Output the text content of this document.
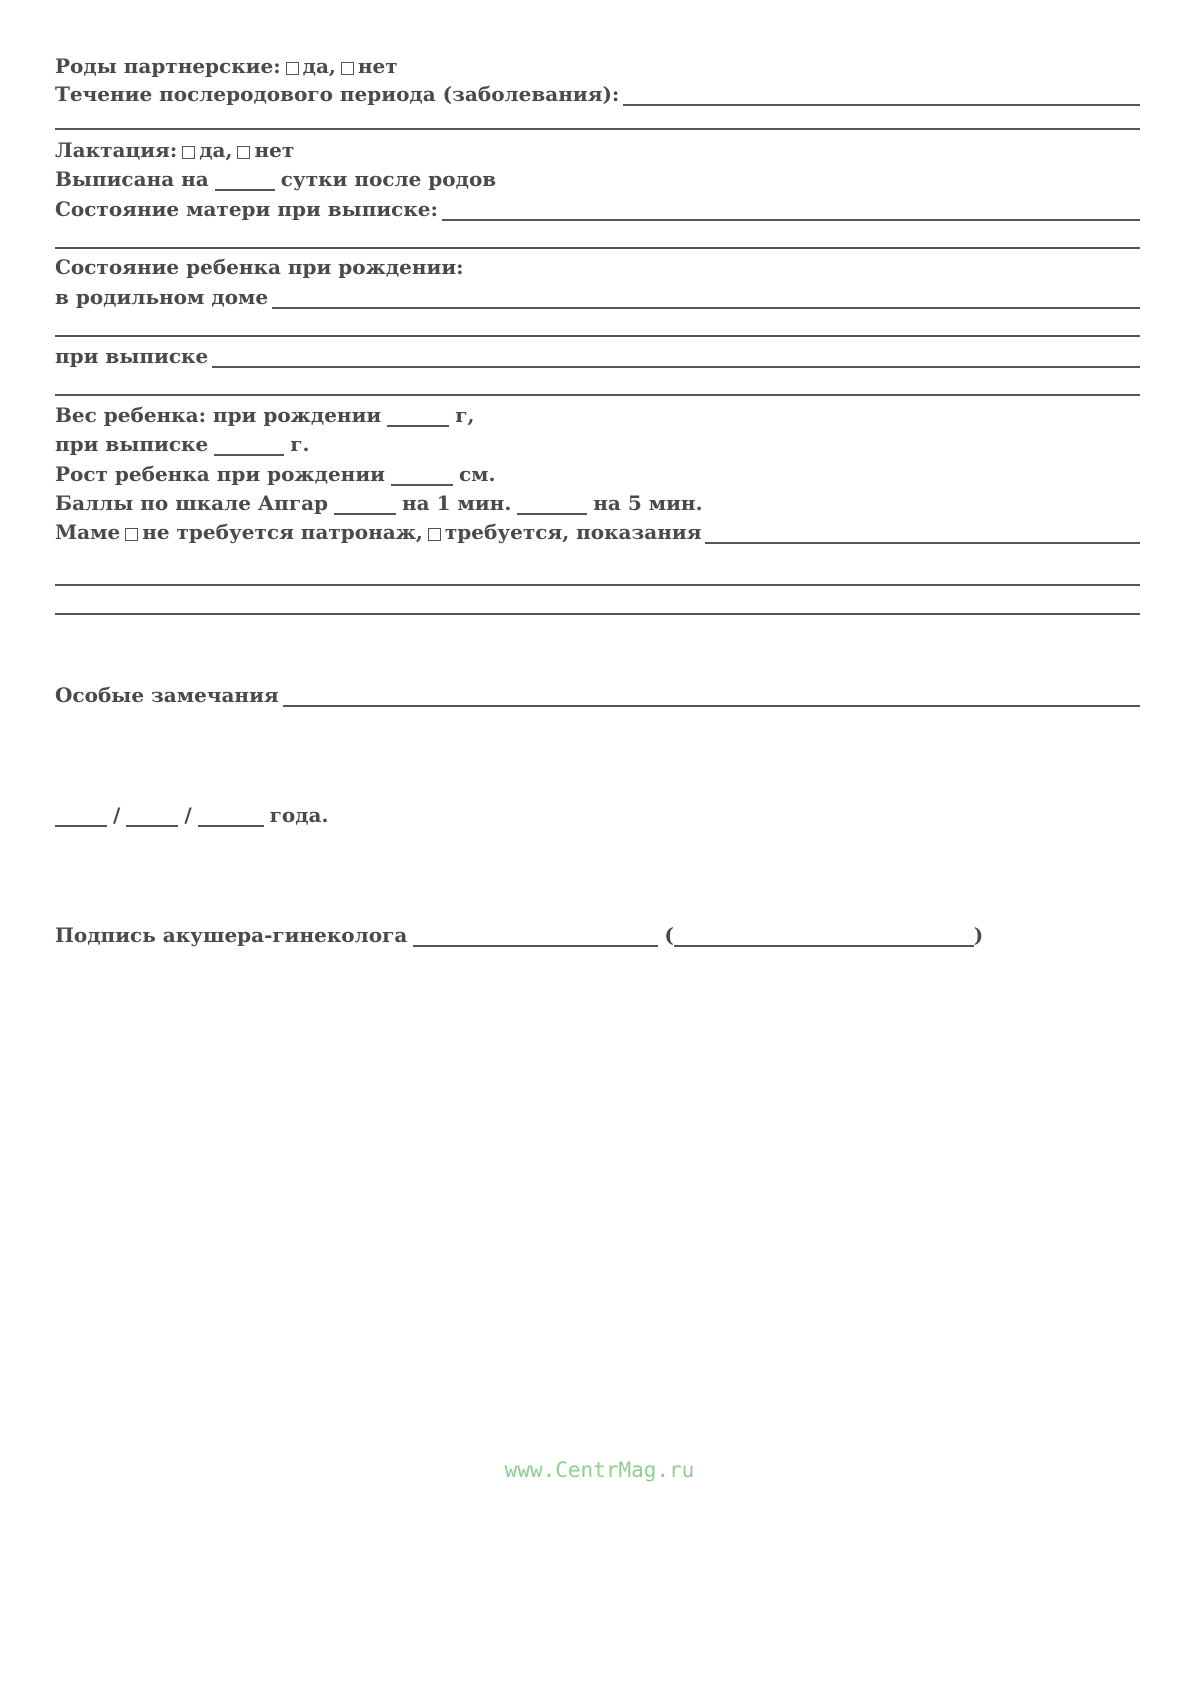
Роды партнерские: да, нет
Течение послеродового периода (заболевания):
Лактация: да, нет
Выписана на	сутки после родов
Состояние матери при выписке:
Состояние ребенка при рождении:
в родильном доме
при выписке
Вес ребенка: при рождении	г,
при выписке	г.
Рост ребенка при рождении	см.
Баллы по шкале Апгар	на 1 мин.	на 5 мин.
Маме не требуется патронаж, требуется, показания
Особые замечания
/	/	года.
Подпись акушера-гинеколога	(	)
www.CentrMag.ru
